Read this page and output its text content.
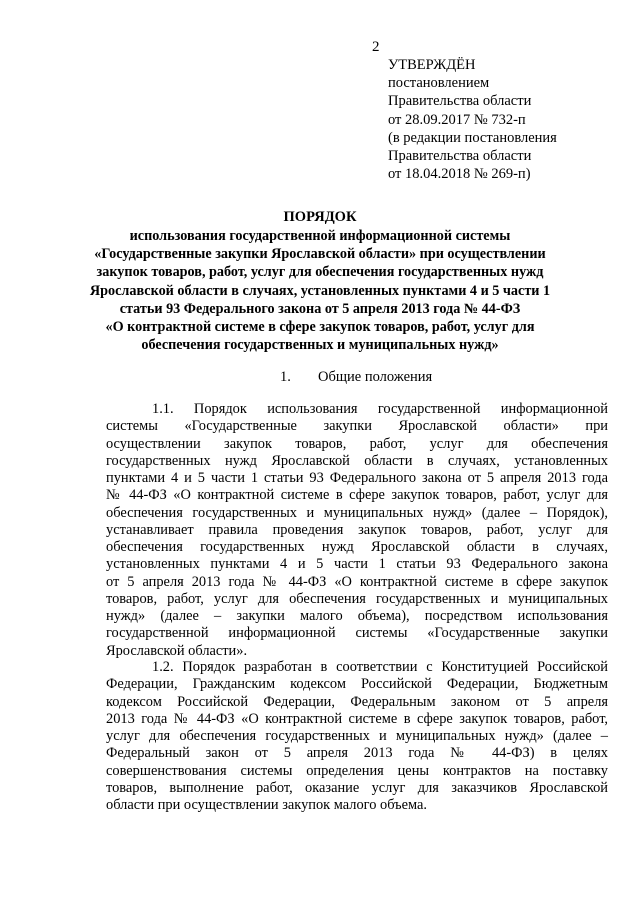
2
УТВЕРЖДЁН
постановлением
Правительства области
от 28.09.2017 № 732-п
(в редакции постановления
Правительства области
от 18.04.2018 № 269-п)
ПОРЯДОК
использования государственной информационной системы
«Государственные закупки Ярославской области» при осуществлении
закупок товаров, работ, услуг для обеспечения государственных нужд
Ярославской области в случаях, установленных пунктами 4 и 5 части 1
статьи 93 Федерального закона от 5 апреля 2013 года № 44-ФЗ
«О контрактной системе в сфере закупок товаров, работ, услуг для
обеспечения государственных и муниципальных нужд»
1. Общие положения
1.1. Порядок использования государственной информационной
системы «Государственные закупки Ярославской области» при
осуществлении закупок товаров, работ, услуг для обеспечения
государственных нужд Ярославской области в случаях, установленных
пунктами 4 и 5 части 1 статьи 93 Федерального закона от 5 апреля 2013 года
№ 44-ФЗ «О контрактной системе в сфере закупок товаров, работ, услуг для
обеспечения государственных и муниципальных нужд» (далее – Порядок),
устанавливает правила проведения закупок товаров, работ, услуг для
обеспечения государственных нужд Ярославской области в случаях,
установленных пунктами 4 и 5 части 1 статьи 93 Федерального закона
от 5 апреля 2013 года № 44-ФЗ «О контрактной системе в сфере закупок
товаров, работ, услуг для обеспечения государственных и муниципальных
нужд» (далее – закупки малого объема), посредством использования
государственной информационной системы «Государственные закупки
Ярославской области».
1.2. Порядок разработан в соответствии с Конституцией Российской
Федерации, Гражданским кодексом Российской Федерации, Бюджетным
кодексом Российской Федерации, Федеральным законом от 5 апреля
2013 года № 44-ФЗ «О контрактной системе в сфере закупок товаров, работ,
услуг для обеспечения государственных и муниципальных нужд» (далее –
Федеральный закон от 5 апреля 2013 года № 44-ФЗ) в целях
совершенствования системы определения цены контрактов на поставку
товаров, выполнение работ, оказание услуг для заказчиков Ярославской
области при осуществлении закупок малого объема.
